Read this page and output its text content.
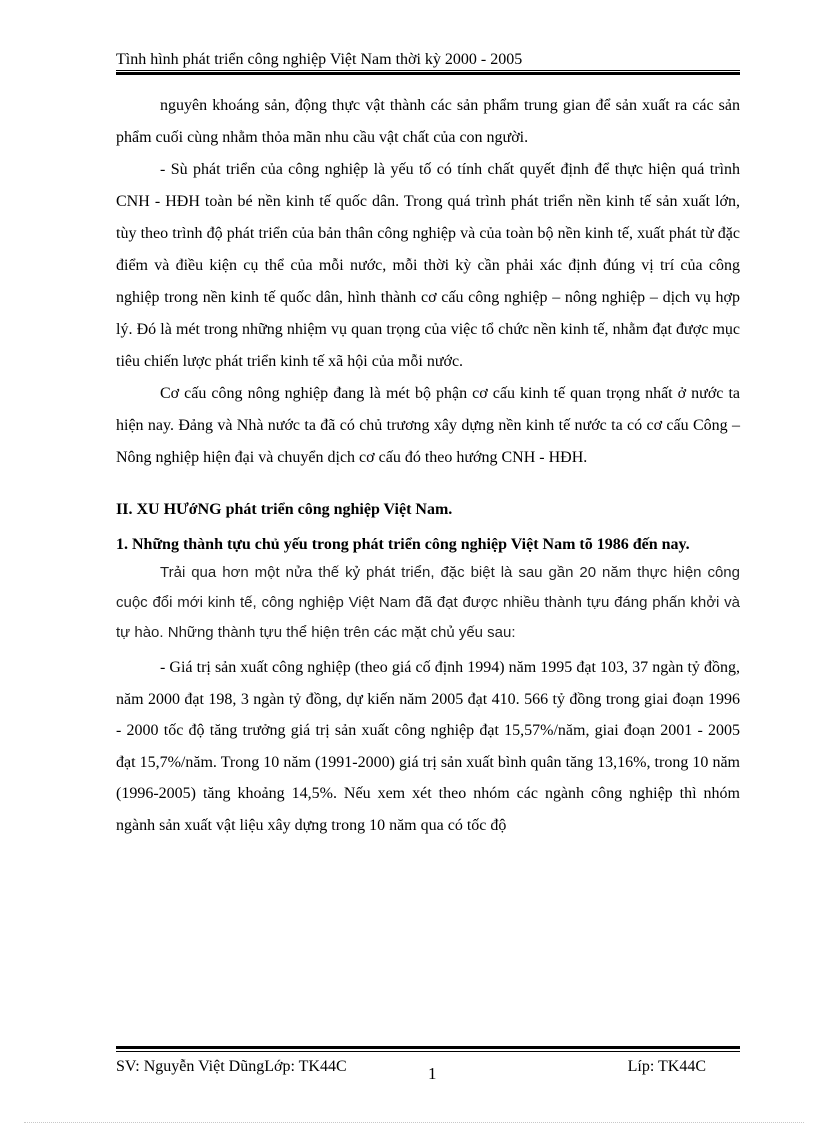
Tình hình phát triển công nghiệp Việt Nam thời kỳ 2000 - 2005

nguyên khoáng sản, động thực vật thành các sản phẩm trung gian để sản xuất ra các sản phẩm cuối cùng nhằm thỏa mãn nhu cầu vật chất của con người.

- Sù phát triển của công nghiệp là yếu tố có tính chất quyết định để thực hiện quá trình CNH - HĐH toàn bé nền kinh tế quốc dân. Trong quá trình phát triển nền kinh tế sản xuất lớn, tùy theo trình độ phát triển của bản thân công nghiệp và của toàn bộ nền kinh tế, xuất phát từ đặc điểm và điều kiện cụ thể của mỗi nước, mỗi thời kỳ cần phải xác định đúng vị trí của công nghiệp trong nền kinh tế quốc dân, hình thành cơ cấu công nghiệp – nông nghiệp – dịch vụ hợp lý. Đó là mét trong những nhiệm vụ quan trọng của việc tổ chức nền kinh tế, nhằm đạt được mục tiêu chiến lược phát triển kinh tế xã hội của mỗi nước.

Cơ cấu công nông nghiệp đang là mét bộ phận cơ cấu kinh tế quan trọng nhất ở nước ta hiện nay. Đảng và Nhà nước ta đã có chủ trương xây dựng nền kinh tế nước ta có cơ cấu Công – Nông nghiệp hiện đại và chuyển dịch cơ cấu đó theo hướng CNH - HĐH.

II. XU HƯớNG phát triển công nghiệp Việt Nam.

1. Những thành tựu chủ yếu trong phát triển công nghiệp Việt Nam tõ 1986 đến nay.

Trải qua hơn một nửa thế kỷ phát triển, đặc biệt là sau gần 20 năm thực hiện công cuộc đổi mới kinh tế, công nghiệp Việt Nam đã đạt được nhiều thành tựu đáng phấn khởi và tự hào. Những thành tựu thể hiện trên các mặt chủ yếu sau:

- Giá trị sản xuất công nghiệp (theo giá cố định 1994) năm 1995 đạt 103, 37 ngàn tỷ đồng, năm 2000 đạt 198, 3 ngàn tỷ đồng, dự kiến năm 2005 đạt 410. 566 tỷ đồng trong giai đoạn 1996 - 2000 tốc độ tăng trưởng giá trị sản xuất công nghiệp đạt 15,57%/năm, giai đoạn 2001 - 2005 đạt 15,7%/năm. Trong 10 năm (1991-2000) giá trị sản xuất bình quân tăng 13,16%, trong 10 năm (1996-2005) tăng khoảng 14,5%. Nếu xem xét theo nhóm các ngành công nghiệp thì nhóm ngành sản xuất vật liệu xây dựng trong 10 năm qua có tốc độ

SV: Nguyễn Việt DũngLớp: TK44C	1	Líp: TK44C
